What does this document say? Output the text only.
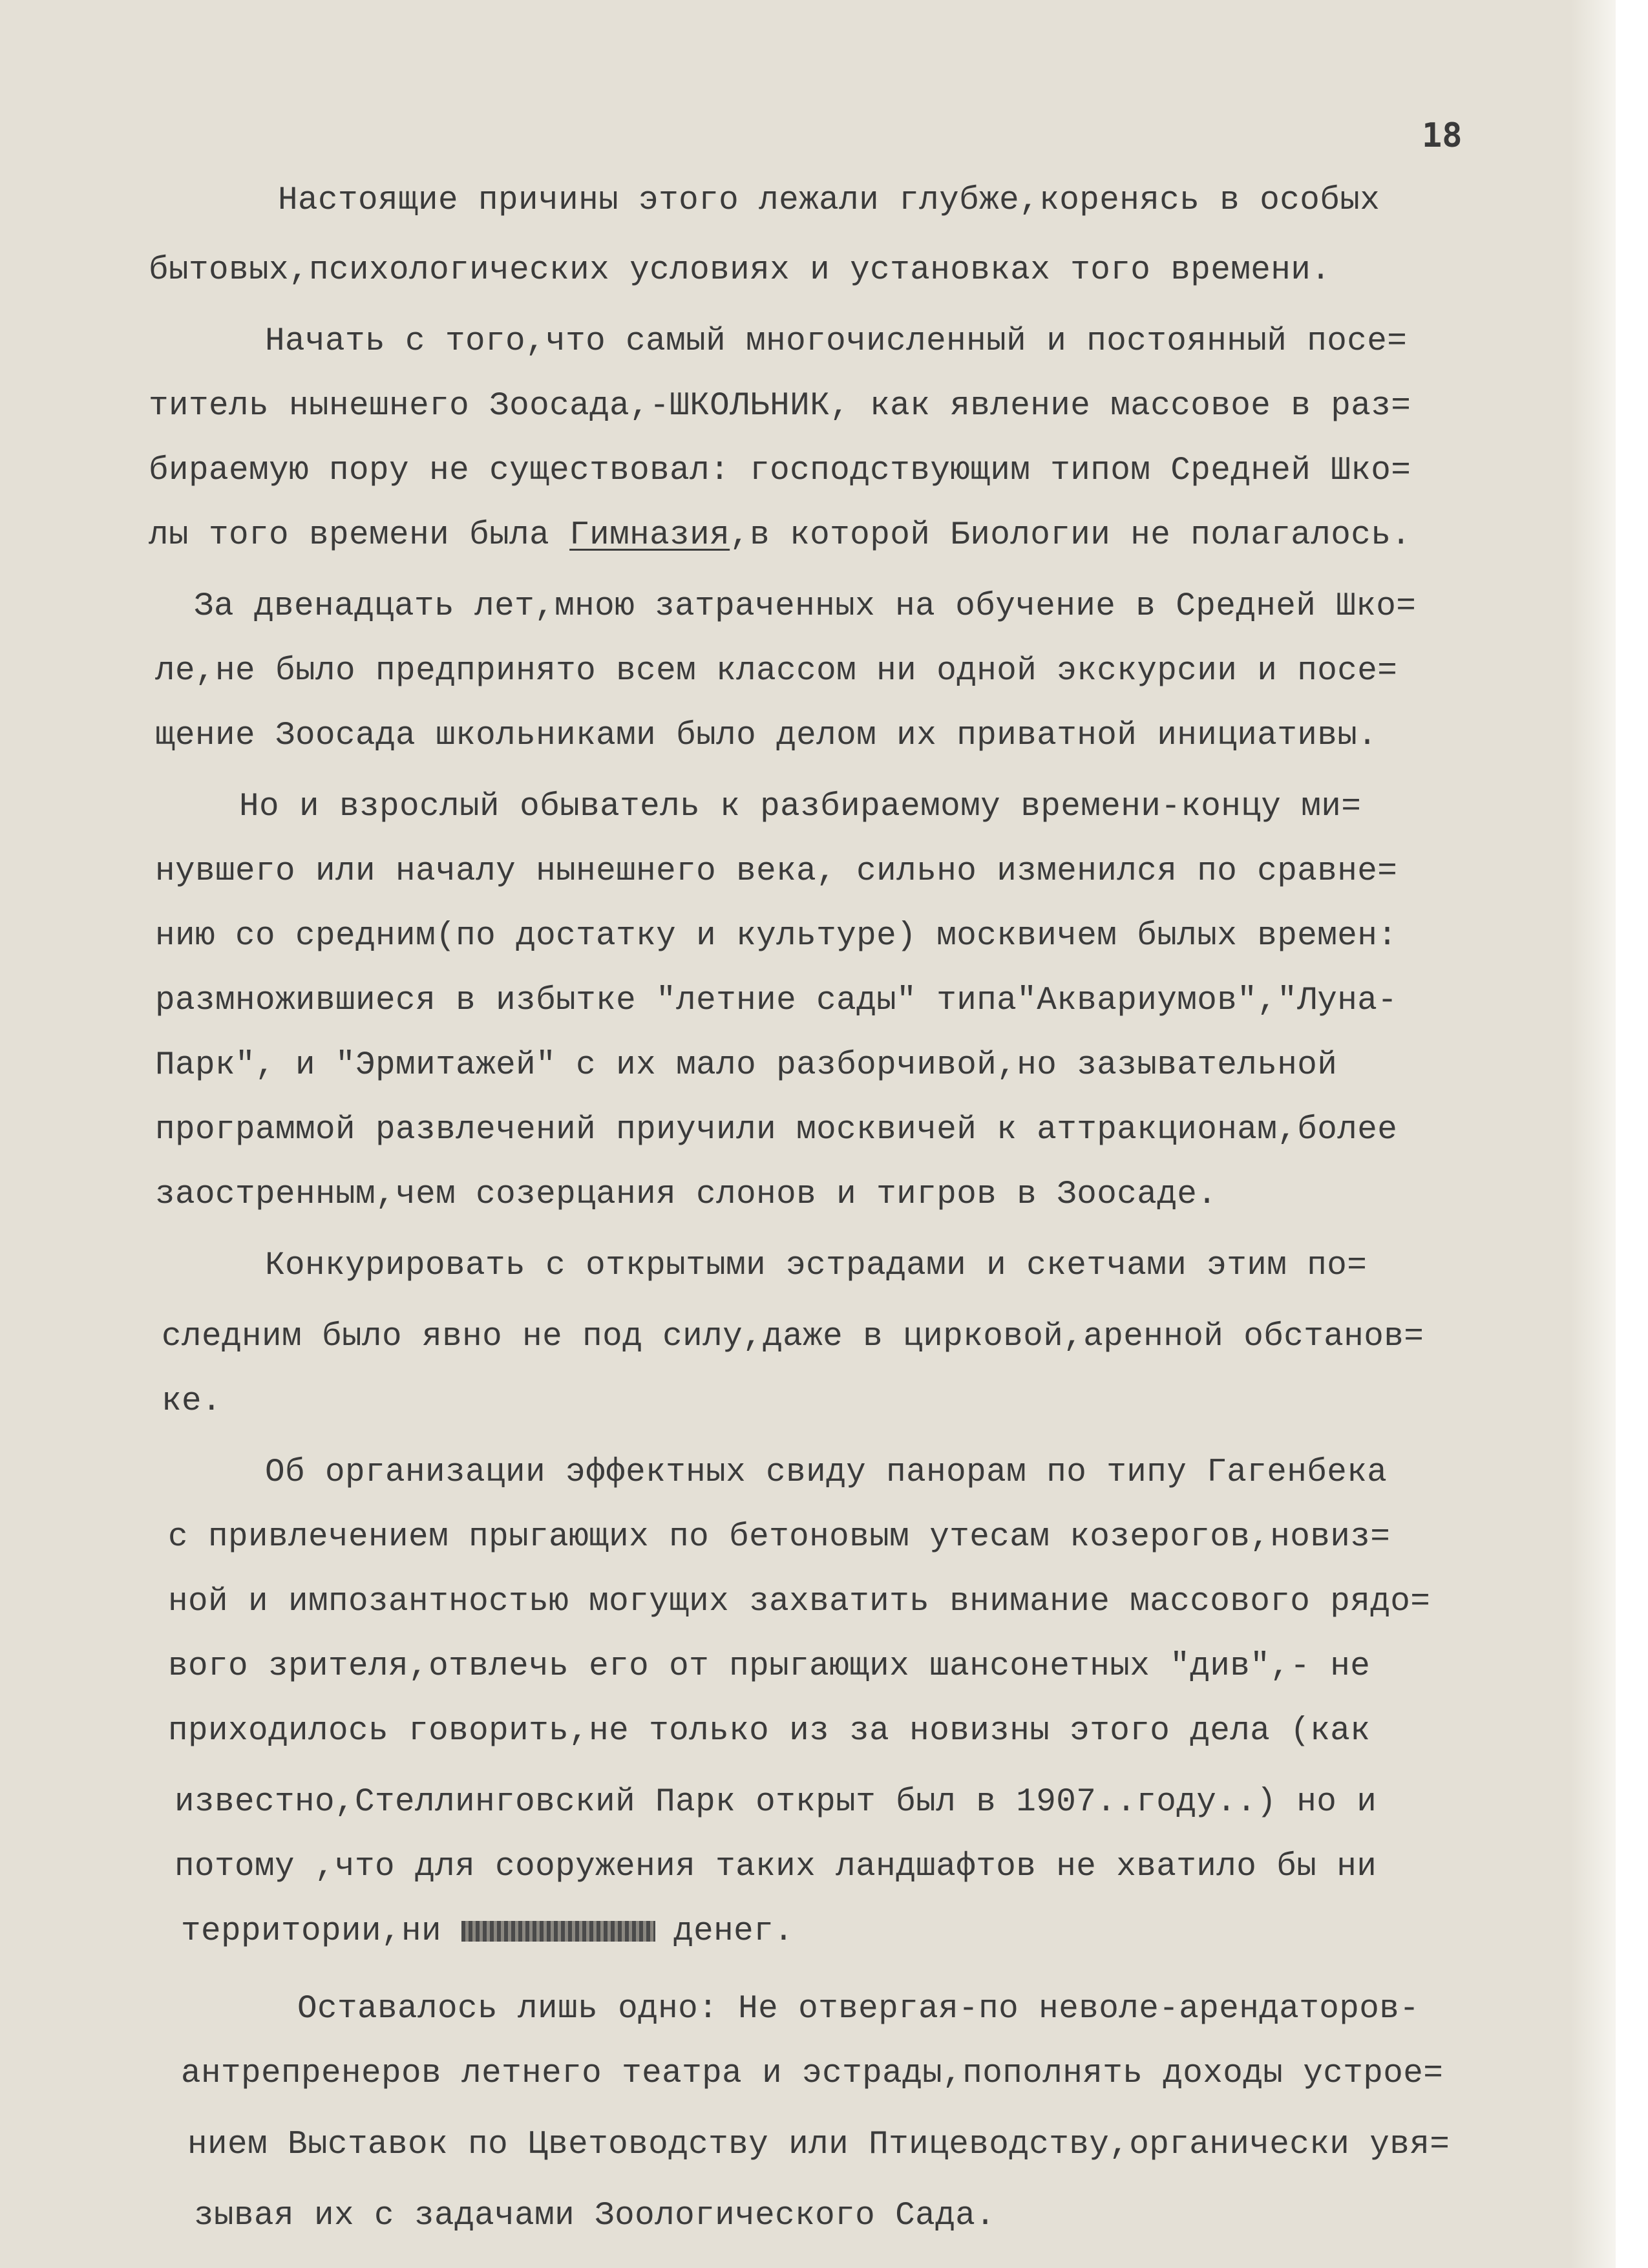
18
Настоящие причины этого лежали глубже,коренясь в особых
бытовых,психологических условиях и установках того времени.
Начать с того,что самый многочисленный и постоянный посе=
титель нынешнего Зоосада,-ШКОЛЬНИК, как явление массовое в раз=
бираемую пору не существовал: господствующим типом Средней Шко=
лы того времени была Гимназия,в которой Биологии не полагалось.
За двенадцать лет,мною затраченных на обучение в Средней Шко=
ле,не было предпринято всем классом ни одной экскурсии и посе=
щение Зоосада школьниками было делом их приватной инициативы.
Но и взрослый обыватель к разбираемому времени-концу ми=
нувшего или началу нынешнего века, сильно изменился по сравне=
нию со средним(по достатку и культуре) москвичем былых времен:
размножившиеся в избытке "летние сады" типа"Аквариумов","Луна-
Парк", и "Эрмитажей" с их мало разборчивой,но зазывательной
программой развлечений приучили москвичей к аттракционам,более
заостренным,чем созерцания слонов и тигров в Зоосаде.
Конкурировать с открытыми эстрадами и скетчами этим по=
следним было явно не под силу,даже в цирковой,аренной обстанов=
ке.
Об организации эффектных свиду панорам по типу Гагенбека
с привлечением прыгающих по бетоновым утесам козерогов,новиз=
ной и импозантностью могущих захватить внимание массового рядо=
вого зрителя,отвлечь его от прыгающих шансонетных "див",- не
приходилось говорить,не только из за новизны этого дела (как
известно,Стеллинговский Парк открыт был в 1907..году..) но и
потому ,что для сооружения таких ландшафтов не хватило бы ни
территории,ни	денег.
Оставалось лишь одно: Не отвергая-по неволе-арендаторов-
антрепренеров летнего театра и эстрады,пополнять доходы устрое=
нием Выставок по Цветоводству или Птицеводству,органически увя=
зывая их с задачами Зоологического Сада.
